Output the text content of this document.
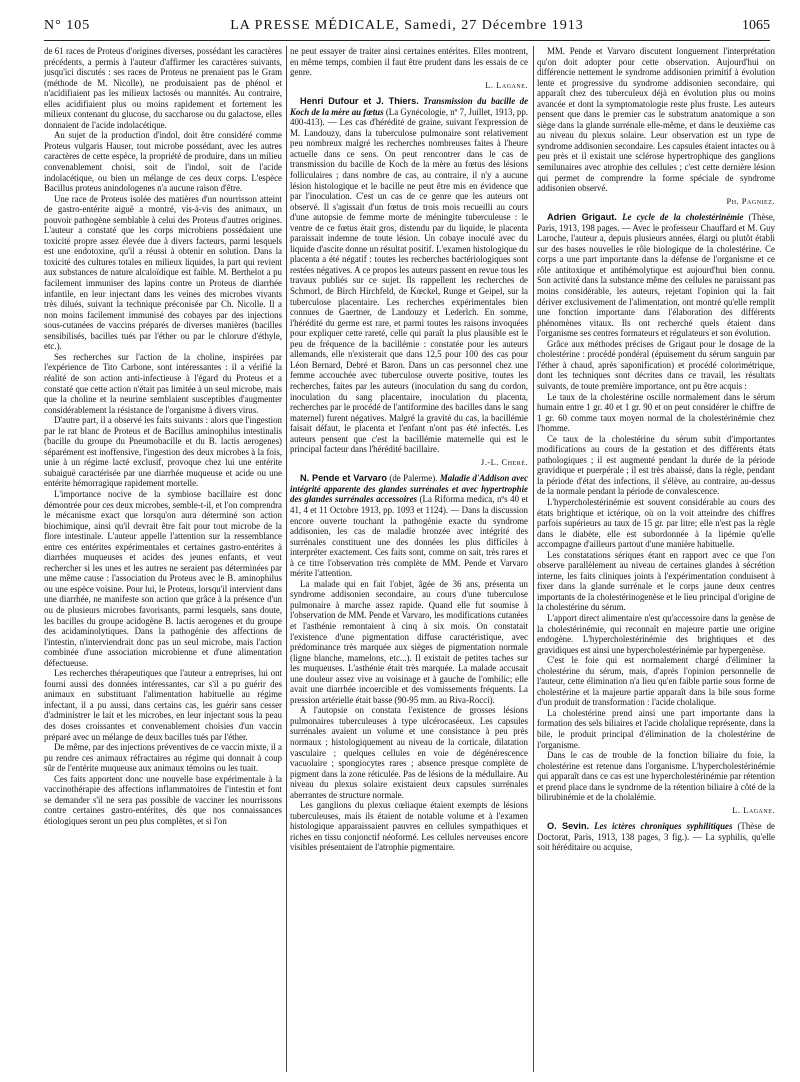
N° 105	LA PRESSE MÉDICALE, Samedi, 27 Décembre 1913	1065

de 61 races de Proteus d'origines diverses, possédant les caractères précédents, a permis à l'auteur d'affirmer les caractères suivants, jusqu'ici discutés : ses races de Proteus ne prenaient pas le Gram (méthode de M. Nicolle), ne produisaient pas de phénol et n'acidifiaient pas les milieux lactosés ou mannités. Au contraire, elles acidifiaient plus ou moins rapidement et fortement les milieux contenant du glucose, du saccharose ou du galactose, elles donnaient de l'acide indolacétique.

Au sujet de la production d'indol, doit être considéré comme Proteus vulgaris Hauser, tout microbe possédant, avec les autres caractères de cette espèce, la propriété de produire, dans un milieu convenablement choisi, soit de l'indol, soit de l'acide indolacétique, ou bien un mélange de ces deux corps. L'espèce Bacillus proteus anindologenes n'a aucune raison d'être.

Une race de Proteus isolée des matières d'un nourrisson atteint de gastro-entérite aiguë a montré, vis-à-vis des animaux, un pouvoir pathogène semblable à celui des Proteus d'autres origines. L'auteur a constaté que les corps microbiens possédaient une toxicité propre assez élevée due à divers facteurs, parmi lesquels est une endotoxine, qu'il a réussi à obtenir en solution. Dans la toxicité des cultures totales en milieux liquides, la part qui revient aux substances de nature alcaloïdique est faible. M. Berthelot a pu facilement immuniser des lapins contre un Proteus de diarrhée infantile, en leur injectant dans les veines des microbes vivants très dilués, suivant la technique préconisée par Ch. Nicolle. Il a non moins facilement immunisé des cobayes par des injections sous-cutanées de vaccins préparés de diverses manières (bacilles sensibilisés, bacilles tués par l'éther ou par le chlorure d'éthyle, etc.).

Ses recherches sur l'action de la choline, inspirées par l'expérience de Tito Carbone, sont intéressantes : il a vérifié la réalité de son action anti-infectieuse à l'égard du Proteus et a constaté que cette action n'était pas limitée à un seul microbe, mais que la choline et la neurine semblaient susceptibles d'augmenter considérablement la résistance de l'organisme à divers virus.

D'autre part, il a observé les faits suivants : alors que l'ingestion par le rat blanc de Proteus et de Bacillus aminophilus intestinalis (bacille du groupe du Pneumobacille et du B. lactis aerogenes) séparément est inoffensive, l'ingestion des deux microbes à la fois, unie à un régime lacté exclusif, provoque chez lui une entérite subaiguë caractérisée par une diarrhée muqueuse et acide ou une entérite hémorragique rapidement mortelle.

L'importance nocive de la symbiose bacillaire est donc démontrée pour ces deux microbes, semble-t-il, et l'on comprendra le mécanisme exact que lorsqu'on aura déterminé son action biochimique, ainsi qu'il devrait être fait pour tout microbe de la flore intestinale. L'auteur appelle l'attention sur la ressemblance entre ces entérites expérimentales et certaines gastro-entérites à diarrhées muqueuses et acides des jeunes enfants, et veut rechercher si les unes et les autres ne seraient pas déterminées par une même cause : l'association du Proteus avec le B. aminophilus ou une espèce voisine. Pour lui, le Proteus, lorsqu'il intervient dans une diarrhée, ne manifeste son action que grâce à la présence d'un ou de plusieurs microbes favorisants, parmi lesquels, sans doute, les bacilles du groupe acidogène B. lactis aerogenes et du groupe des acidaminolytiques. Dans la pathogénie des affections de l'intestin, n'interviendrait donc pas un seul microbe, mais l'action combinée d'une association microbienne et d'une alimentation défectueuse.

Les recherches thérapeutiques que l'auteur a entreprises, lui ont fourni aussi des données intéressantes, car s'il a pu guérir des animaux en substituant l'alimentation habituelle au régime infectant, il a pu aussi, dans certains cas, les guérir sans cesser d'administrer le lait et les microbes, en leur injectant sous la peau des doses croissantes et convenablement choisies d'un vaccin préparé avec un mélange de deux bacilles tués par l'éther.

De même, par des injections préventives de ce vaccin mixte, il a pu rendre ces animaux réfractaires au régime qui donnait à coup sûr de l'entérite muqueuse aux animaux témoins ou les tuait.

Ces faits apportent donc une nouvelle base expérimentale à la vaccinothérapie des affections inflammatoires de l'intestin et font se demander s'il ne sera pas possible de vacciner les nourrissons contre certaines gastro-entérites, dès que nos connaissances étiologiques seront un peu plus complètes, et si l'on

ne peut essayer de traiter ainsi certaines entérites. Elles montrent, en même temps, combien il faut être prudent dans les essais de ce genre.

L. Lagane.

Henri Dufour et J. Thiers. Transmission du bacille de Koch de la mère au fœtus (La Gynécologie, nº 7, Juillet, 1913, pp. 400-413). — Les cas d'hérédité de graine, suivant l'expression de M. Landouzy, dans la tuberculose pulmonaire sont relativement peu nombreux malgré les recherches nombreuses faites à l'heure actuelle dans ce sens. On peut rencontrer dans le cas de transmission du bacille de Koch de la mère au fœtus des lésions folliculaires ; dans nombre de cas, au contraire, il n'y a aucune lésion histologique et le bacille ne peut être mis en évidence que par l'inoculation. C'est un cas de ce genre que les auteurs ont observé. Il s'agissait d'un fœtus de trois mois recueilli au cours d'une autopsie de femme morte de méningite tuberculeuse : le ventre de ce fœtus était gros, distendu par du liquide, le placenta paraissait indemne de toute lésion. Un cobaye inoculé avec du liquide d'ascite donne un résultat positif. L'examen histologique du placenta a été négatif : toutes les recherches bactériologiques sont restées négatives. A ce propos les auteurs passent en revue tous les travaux publiés sur ce sujet. Ils rappellent les recherches de Schmorl, de Birch Hirchfeld, de Kœckel, Runge et Geipel, sur la tuberculose placentaire. Les recherches expérimentales bien connues de Gaertner, de Landouzy et Lederlch. En somme, l'hérédité du germe est rare, et parmi toutes les raisons invoquées pour expliquer cette rareté, celle qui paraît la plus plausible est le peu de fréquence de la bacillémie : constatée pour les auteurs allemands, elle n'existerait que dans 12,5 pour 100 des cas pour Léon Bernard, Debré et Baron. Dans un cas personnel chez une femme accouchée avec tuberculose ouverte positive, toutes les recherches, faites par les auteurs (inoculation du sang du cordon, inoculation du sang placentaire, inoculation du placenta, recherches par le procédé de l'antiformine des bacilles dans le sang maternel) furent négatives. Malgré la gravité du cas, la bacillémie faisait défaut, le placenta et l'enfant n'ont pas été infectés. Les auteurs pensent que c'est la bacillémie maternelle qui est le principal facteur dans l'hérédité bacillaire.

J.-L. Cheré.

N. Pende et Varvaro (de Palerme). Maladie d'Addison avec intégrité apparente des glandes surrénales et avec hypertrophie des glandes surrénales accessoires (La Riforma medica, nºs 40 et 41, 4 et 11 Octobre 1913, pp. 1093 et 1124). — Dans la discussion encore ouverte touchant la pathogénie exacte du syndrome addisonien, les cas de maladie bronzée avec intégrité des surrénales constituent une des données les plus difficiles à interpréter exactement. Ces faits sont, comme on sait, très rares et à ce titre l'observation très complète de MM. Pende et Varvaro mérite l'attention.

La malade qui en fait l'objet, âgée de 36 ans, présenta un syndrome addisonien secondaire, au cours d'une tuberculose pulmonaire à marche assez rapide. Quand elle fut soumise à l'observation de MM. Pende et Varvaro, les modifications cutanées et l'asthénie remontaient à cinq à six mois. On constatait l'existence d'une pigmentation diffuse caractéristique, avec prédominance très marquée aux sièges de pigmentation normale (ligne blanche, mamelons, etc...). Il existait de petites taches sur les muqueuses. L'asthénie était très marquée. La malade accusait une douleur assez vive au voisinage et à gauche de l'ombilic; elle avait une diarrhée incoercible et des vomissements fréquents. La pression artérielle était basse (90-95 mm. au Riva-Rocci).

A l'autopsie on constata l'existence de grosses lésions pulmonaires tuberculeuses à type ulcérocaséeux. Les capsules surrénales avaient un volume et une consistance à peu près normaux ; histologiquement au niveau de la corticale, dilatation vasculaire ; quelques cellules en voie de dégénérescence vacuolaire ; spongiocytes rares ; absence presque complète de pigment dans la zone réticulée. Pas de lésions de la médullaire. Au niveau du plexus solaire existaient deux capsules surrénales aberrantes de structure normale.

Les ganglions du plexus cœliaque étaient exempts de lésions tuberculeuses, mais ils étaient de notable volume et à l'examen histologique apparaissaient pauvres en cellules sympathiques et riches en tissu conjonctif néoformé. Les cellules nerveuses encore visibles présentaient de l'atrophie pigmentaire.

MM. Pende et Varvaro discutent longuement l'interprétation qu'on doit adopter pour cette observation. Aujourd'hui on différencie nettement le syndrome addisonien primitif à évolution lente et progressive du syndrome addisonien secondaire, qui apparaît chez des tuberculeux déjà en évolution plus ou moins avancée et dont la symptomatologie reste plus fruste. Les auteurs pensent que dans le premier cas le substratum anatomique a son siège dans la glande surrénale elle-même, et dans le deuxième cas au niveau du plexus solaire. Leur observation est un type de syndrome addisonien secondaire. Les capsules étaient intactes ou à peu près et il existait une sclérose hypertrophique des ganglions semilunaires avec atrophie des cellules ; c'est cette dernière lésion qui permet de comprendre la forme spéciale de syndrome addisonien observé.

Ph. Pagniez.

Adrien Grigaut. Le cycle de la cholestérinémie (Thèse, Paris, 1913, 198 pages. — Avec le professeur Chauffard et M. Guy Laroche, l'auteur a, depuis plusieurs années, élargi ou plutôt établi sur des bases nouvelles le rôle biologique de la cholestérine. Ce corps a une part importante dans la défense de l'organisme et ce rôle antitoxique et antihémolytique est aujourd'hui bien connu. Son activité dans la substance même des cellules ne paraissant pas moins considérable, les auteurs, rejetant l'opinion qui la fait dériver exclusivement de l'alimentation, ont montré qu'elle remplit une fonction importante dans l'élaboration des différents phénomènes vitaux. Ils ont recherché quels étaient dans l'organisme ses centres formateurs et régulateurs et son évolution.

Grâce aux méthodes précises de Grigaut pour le dosage de la cholestérine : procédé pondéral (épuisement du sérum sanguin par l'éther à chaud, après saponification) et procédé colorimétrique, dont les techniques sont décrites dans ce travail, les résultats suivants, de toute première importance, ont pu être acquis :

Le taux de la cholestérine oscille normalement dans le sérum humain entre 1 gr. 40 et 1 gr. 90 et on peut considérer le chiffre de 1 gr. 60 comme taux moyen normal de la cholestérinémie chez l'homme.

Ce taux de la cholestérine du sérum subit d'importantes modifications au cours de la gestation et des différents états pathologiques ; il est augmenté pendant la durée de la période gravidique et puerpérale ; il est très abaissé, dans la règle, pendant la période d'état des infections, il s'élève, au contraire, au-dessus de la normale pendant la période de convalescence.

L'hypercholestérinémie est souvent considérable au cours des états brightique et ictérique, où on la voit atteindre des chiffres parfois supérieurs au taux de 15 gr. par litre; elle n'est pas la règle dans le diabète, elle est subordonnée à la lipémie qu'elle accompagne d'ailleurs partout d'une manière habituelle.

Les constatations sériques étant en rapport avec ce que l'on observe parallèlement au niveau de certaines glandes à sécrétion interne, les faits cliniques joints à l'expérimentation conduisent à fixer dans la glande surrénale et le corps jaune deux centres importants de la cholestérinogenèse et le lieu principal d'origine de la cholestérine du sérum.

L'apport direct alimentaire n'est qu'accessoire dans la genèse de la cholestérinémie, qui reconnaît en majeure partie une origine endogène. L'hypercholestérinémie des brightiques et des gravidiques est ainsi une hypercholestérinémie par hypergenèse.

C'est le foie qui est normalement chargé d'éliminer la cholestérine du sérum, mais, d'après l'opinion personnelle de l'auteur, cette élimination n'a lieu qu'en faible partie sous forme de cholestérine et la majeure partie apparaît dans la bile sous forme d'un produit de transformation : l'acide cholalique.

La cholestérine prend ainsi une part importante dans la formation des sels biliaires et l'acide cholalique représente, dans la bile, le produit principal d'élimination de la cholestérine de l'organisme.

Dans le cas de trouble de la fonction biliaire du foie, la cholestérine est retenue dans l'organisme. L'hypercholestérinémie qui apparaît dans ce cas est une hypercholestérinémie par rétention et prend place dans le syndrome de la rétention biliaire à côté de la bilirubinémie et de la cholalémie.

L. Lagane.

O. Sevin. Les ictères chroniques syphilitiques (Thèse de Doctorat, Paris, 1913, 138 pages, 3 fig.). — La syphilis, qu'elle soit héréditaire ou acquise,
